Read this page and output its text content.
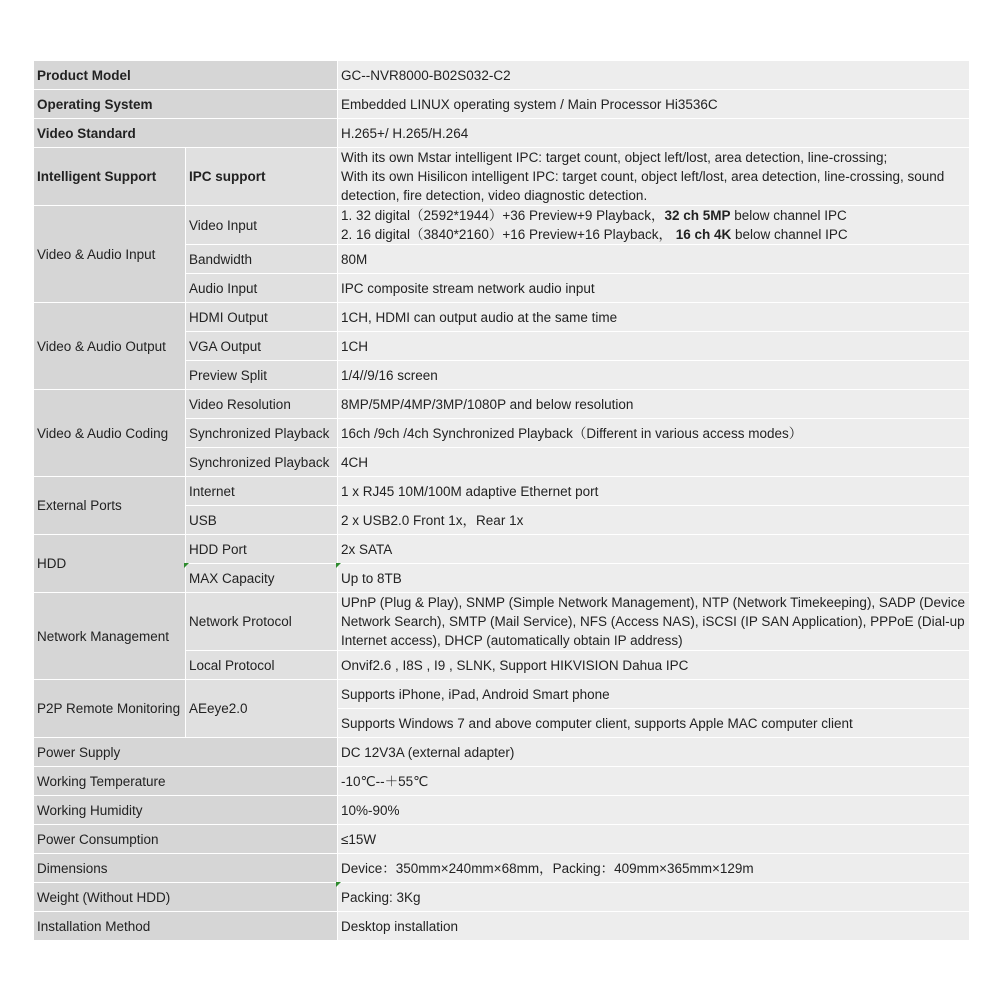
Product Model		GC--NVR8000-B02S032-C2
Operating System		Embedded LINUX operating system / Main Processor Hi3536C
Video Standard		H.265+/ H.265/H.264
Intelligent Support	IPC support	With its own Mstar intelligent IPC: target count, object left/lost, area detection, line-crossing;
With its own Hisilicon intelligent IPC: target count, object left/lost, area detection, line-crossing, sound
detection, fire detection, video diagnostic detection.

Video & Audio Input	Video Input	1. 32 digital（2592*1944）+36 Preview+9 Playback，32 ch 5MP below channel IPC
2. 16 digital（3840*2160）+16 Preview+16 Playback， 16 ch 4K below channel IPC

	Bandwidth	80M
	Audio Input	IPC composite stream network audio input
Video & Audio Output	HDMI Output	1CH, HDMI can output audio at the same time
	VGA Output	1CH
	Preview Split	1/4//9/16 screen
Video & Audio Coding	Video Resolution	8MP/5MP/4MP/3MP/1080P and below resolution
	Synchronized Playback	16ch /9ch /4ch Synchronized Playback（Different in various access modes）
	Synchronized Playback	4CH
External Ports	Internet	1 x RJ45 10M/100M adaptive Ethernet port
	USB	2 x USB2.0 Front 1x，Rear 1x
HDD	HDD Port	2x SATA
	MAX Capacity	Up to 8TB
Network Management	Network Protocol	UPnP (Plug & Play), SNMP (Simple Network Management), NTP (Network Timekeeping), SADP (Device
Network Search), SMTP (Mail Service), NFS (Access NAS), iSCSI (IP SAN Application), PPPoE (Dial-up
Internet access), DHCP (automatically obtain IP address)

	Local Protocol	Onvif2.6 , I8S , I9 , SLNK, Support HIKVISION Dahua IPC
P2P Remote Monitoring	AEeye2.0	Supports iPhone, iPad, Android Smart phone
		Supports Windows 7 and above computer client, supports Apple MAC computer client
Power Supply		DC 12V3A (external adapter)
Working Temperature		-10℃--＋55℃
Working Humidity		10%-90%
Power Consumption		≤15W
Dimensions		Device：350mm×240mm×68mm，Packing：409mm×365mm×129m
Weight (Without HDD)		Packing: 3Kg
Installation Method		Desktop installation
